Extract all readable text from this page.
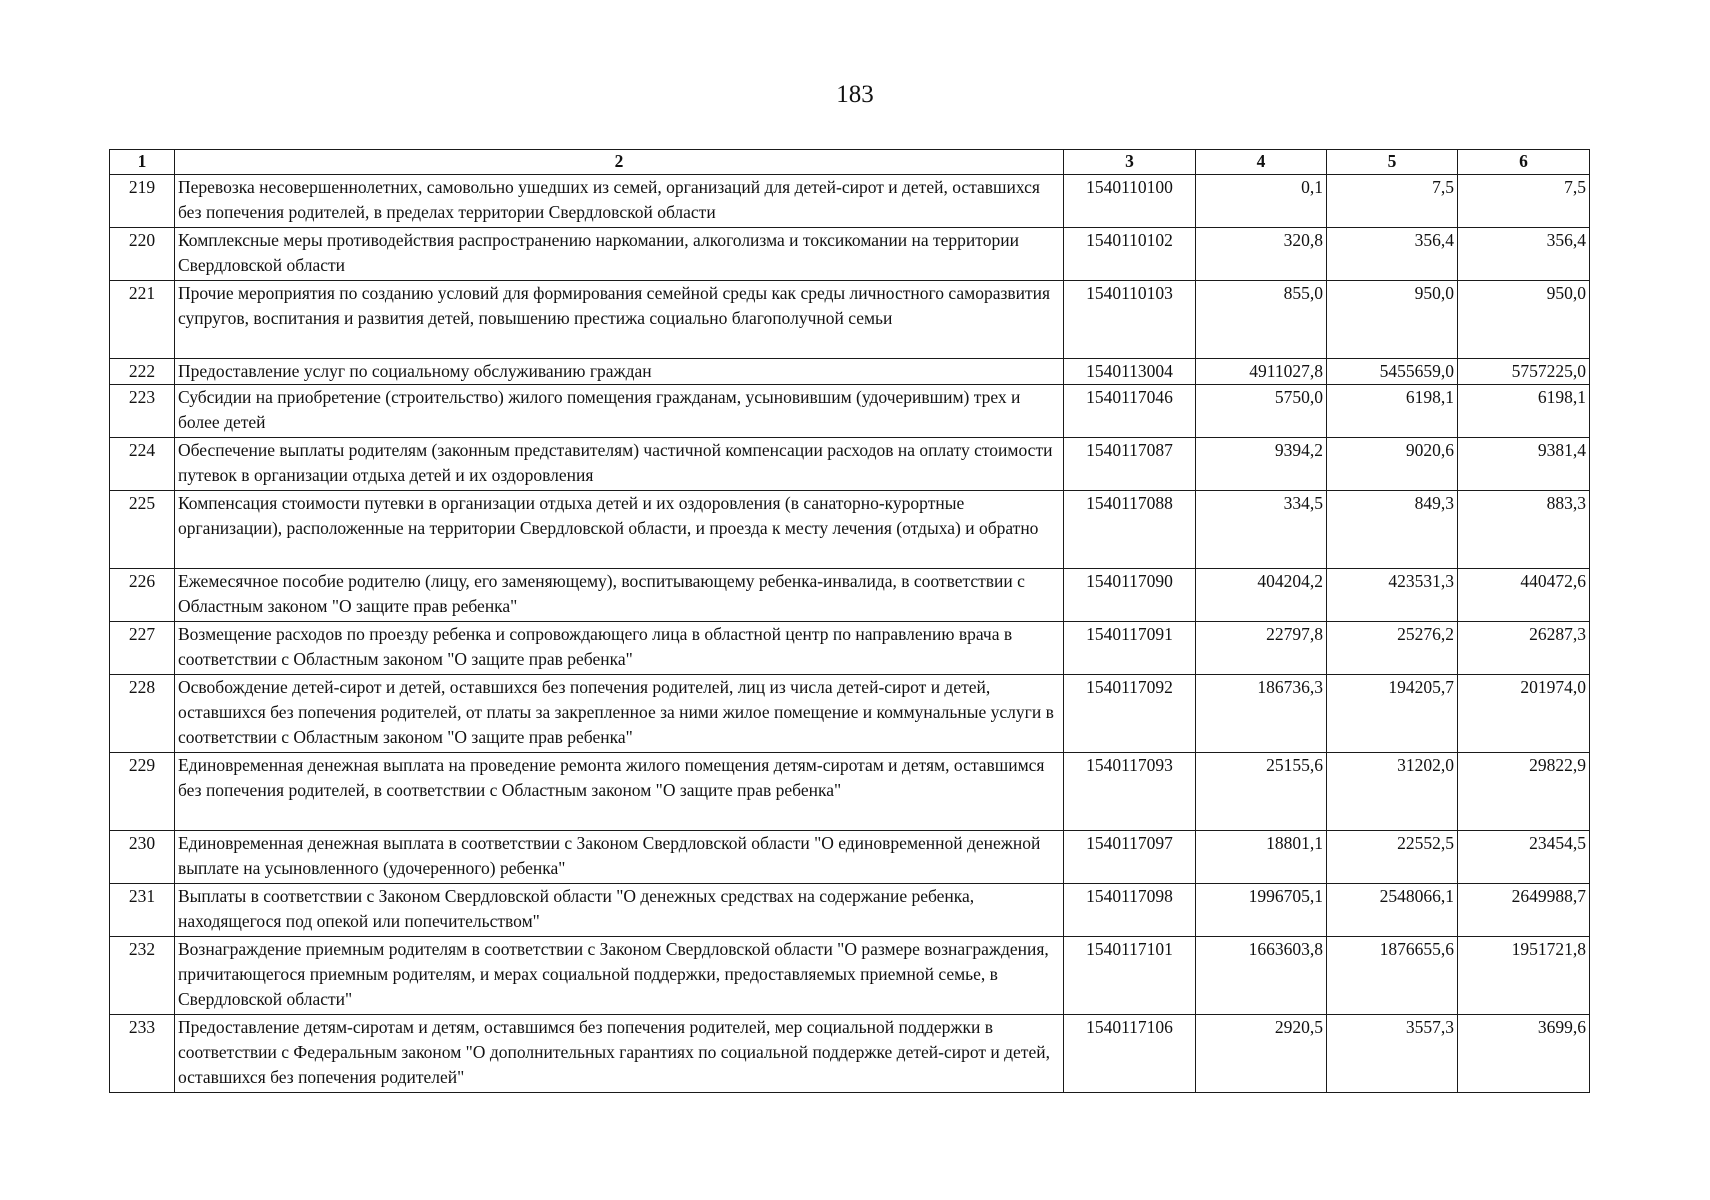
183
1	2	3	4	5	6
219	Перевозка несовершеннолетних, самовольно ушедших из семей, организаций для детей-сирот и детей, оставшихся без попечения родителей, в пределах территории Свердловской области	1540110100	0,1	7,5	7,5
220	Комплексные меры противодействия распространению наркомании, алкоголизма и токсикомании на территории Свердловской области	1540110102	320,8	356,4	356,4
221	Прочие мероприятия по созданию условий для формирования семейной среды как среды личностного саморазвития супругов, воспитания и развития детей, повышению престижа социально благополучной семьи	1540110103	855,0	950,0	950,0
222	Предоставление услуг по социальному обслуживанию граждан	1540113004	4911027,8	5455659,0	5757225,0
223	Субсидии на приобретение (строительство) жилого помещения гражданам, усыновившим (удочерившим) трех и более детей	1540117046	5750,0	6198,1	6198,1
224	Обеспечение выплаты родителям (законным представителям) частичной компенсации расходов на оплату стоимости путевок в организации отдыха детей и их оздоровления	1540117087	9394,2	9020,6	9381,4
225	Компенсация стоимости путевки в организации отдыха детей и их оздоровления (в санаторно-курортные организации), расположенные на территории Свердловской области, и проезда к месту лечения (отдыха) и обратно	1540117088	334,5	849,3	883,3
226	Ежемесячное пособие родителю (лицу, его заменяющему), воспитывающему ребенка-инвалида, в соответствии с Областным законом "О защите прав ребенка"	1540117090	404204,2	423531,3	440472,6
227	Возмещение расходов по проезду ребенка и сопровождающего лица в областной центр по направлению врача в соответствии с Областным законом "О защите прав ребенка"	1540117091	22797,8	25276,2	26287,3
228	Освобождение детей-сирот и детей, оставшихся без попечения родителей, лиц из числа детей-сирот и детей, оставшихся без попечения родителей, от платы за закрепленное за ними жилое помещение и коммунальные услуги в соответствии с Областным законом "О защите прав ребенка"	1540117092	186736,3	194205,7	201974,0
229	Единовременная денежная выплата на проведение ремонта жилого помещения детям-сиротам и детям, оставшимся без попечения родителей, в соответствии с Областным законом "О защите прав ребенка"	1540117093	25155,6	31202,0	29822,9
230	Единовременная денежная выплата в соответствии с Законом Свердловской области "О единовременной денежной выплате на усыновленного (удочеренного) ребенка"	1540117097	18801,1	22552,5	23454,5
231	Выплаты в соответствии с Законом Свердловской области "О денежных средствах на содержание ребенка, находящегося под опекой или попечительством"	1540117098	1996705,1	2548066,1	2649988,7
232	Вознаграждение приемным родителям в соответствии с Законом Свердловской области "О размере вознаграждения, причитающегося приемным родителям, и мерах социальной поддержки, предоставляемых приемной семье, в Свердловской области"	1540117101	1663603,8	1876655,6	1951721,8
233	Предоставление детям-сиротам и детям, оставшимся без попечения родителей, мер социальной поддержки в соответствии с Федеральным законом "О дополнительных гарантиях по социальной поддержке детей-сирот и детей, оставшихся без попечения родителей"	1540117106	2920,5	3557,3	3699,6
